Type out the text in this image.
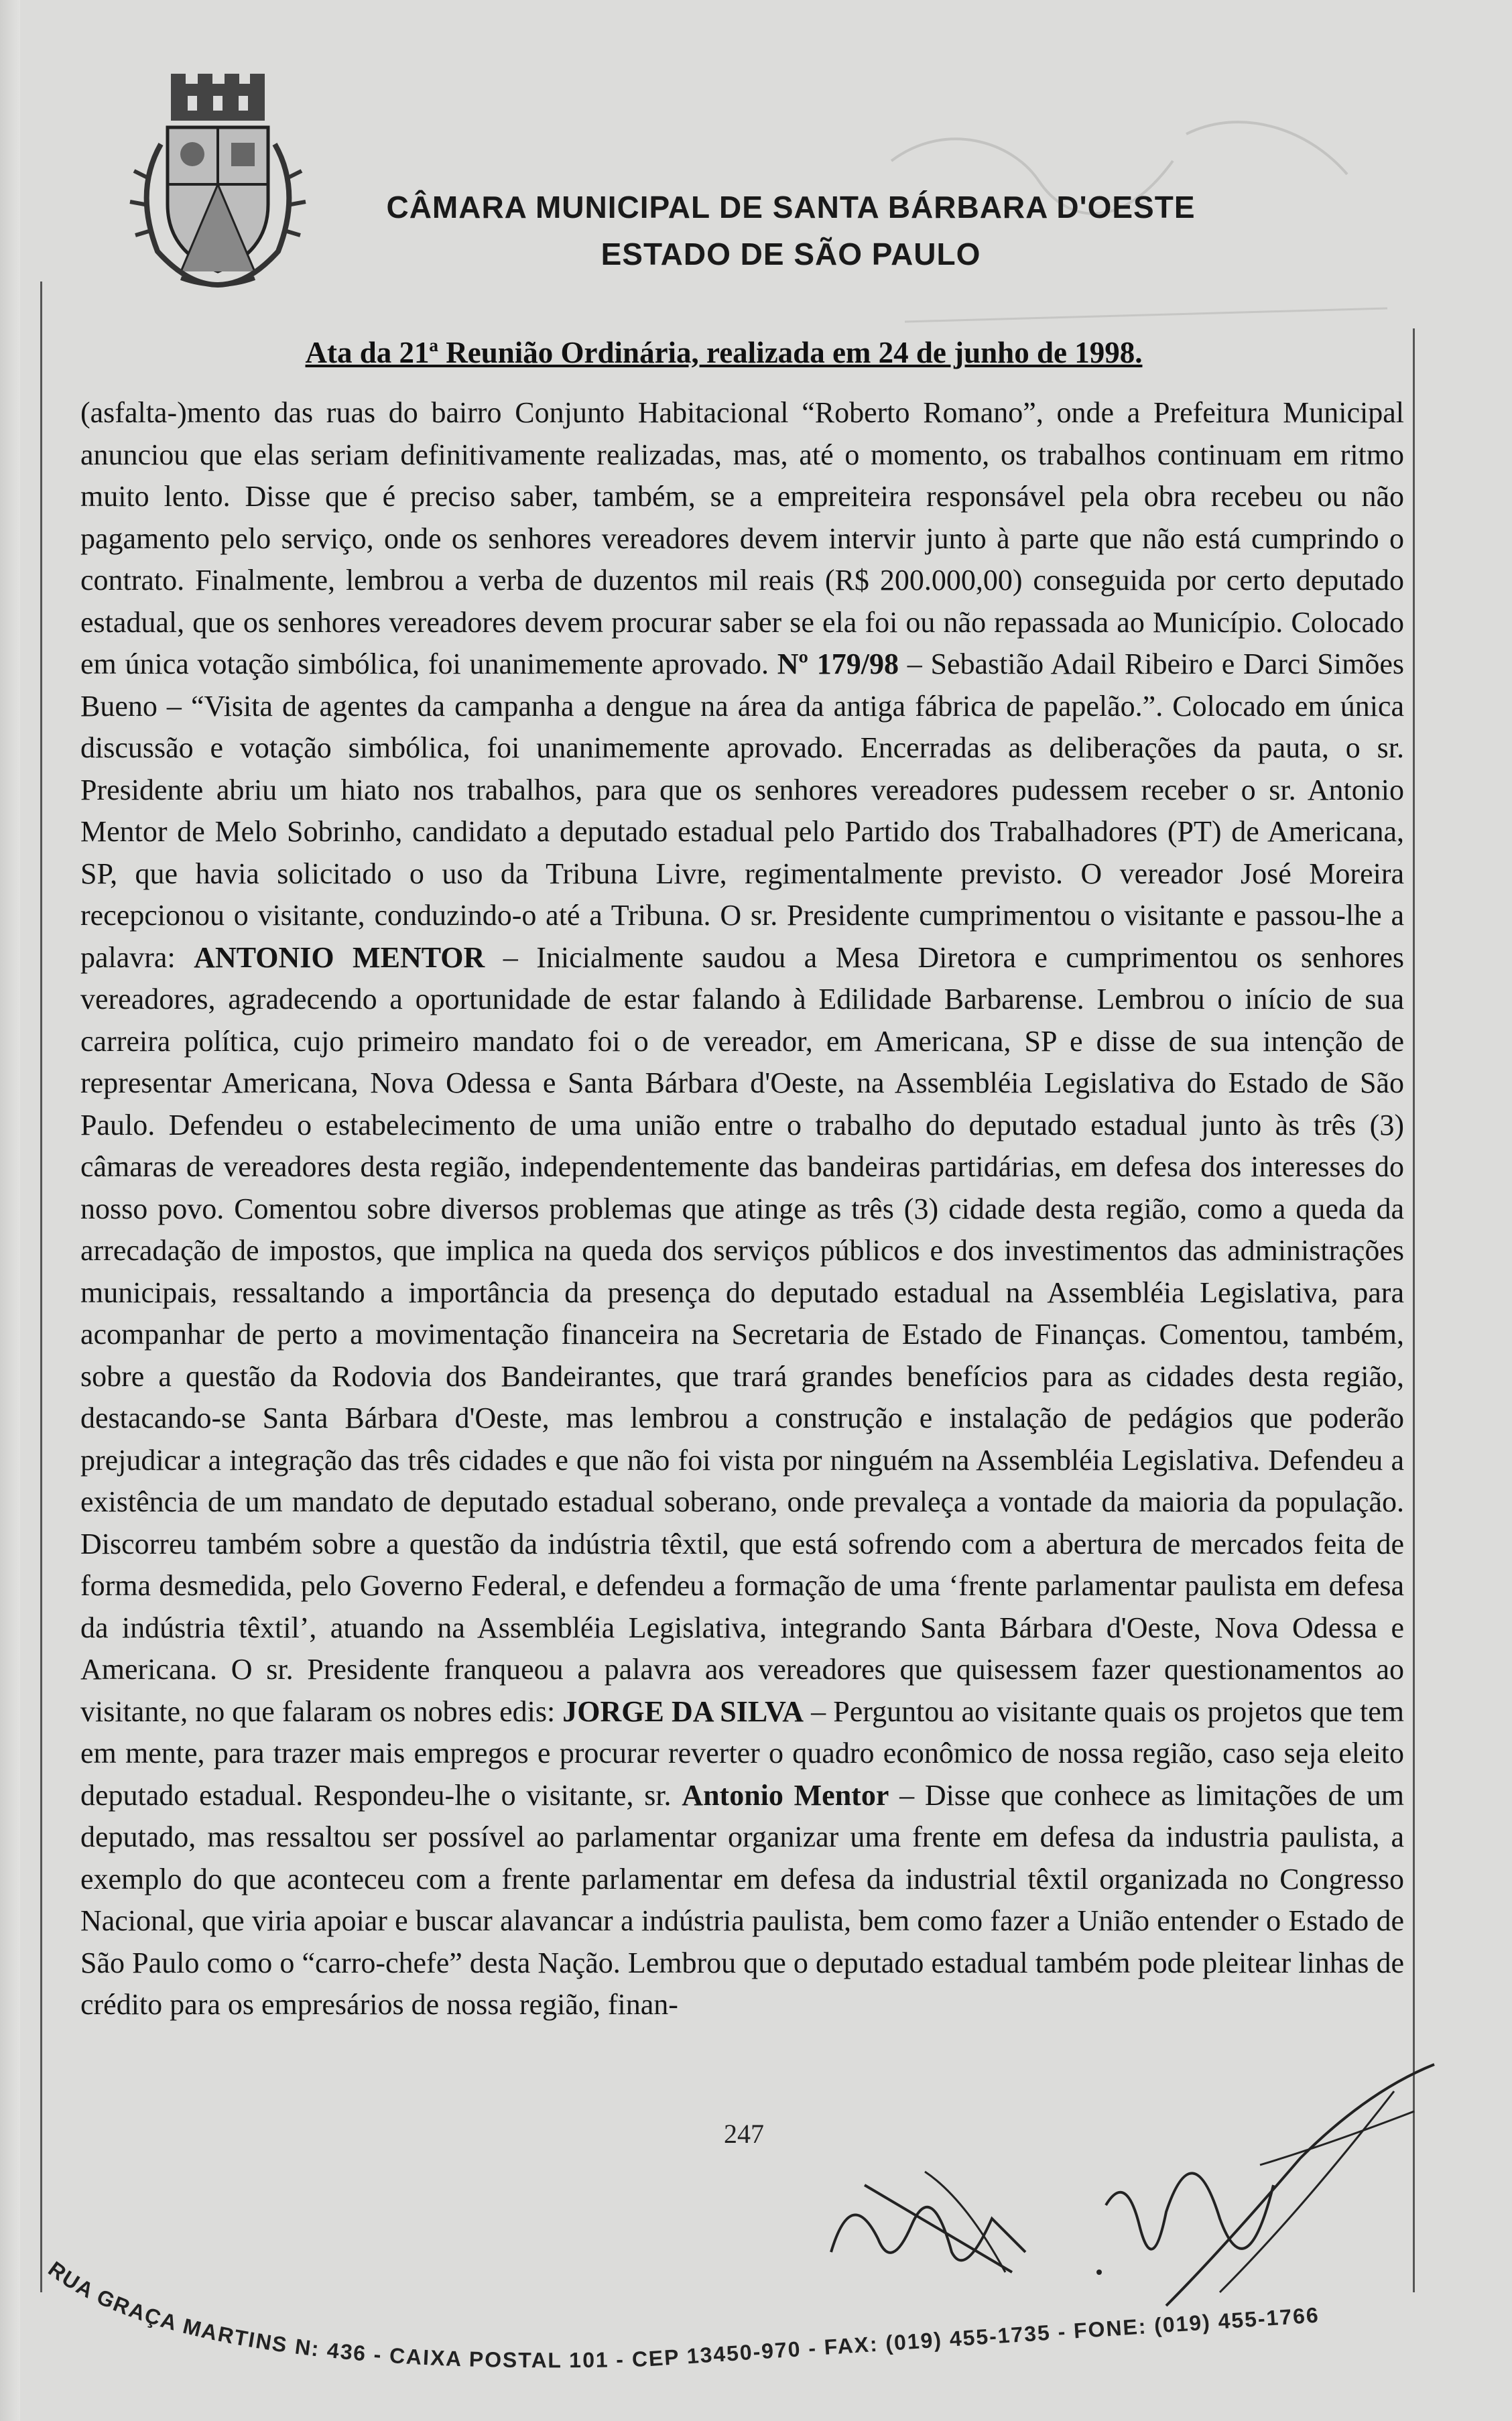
CÂMARA MUNICIPAL DE SANTA BÁRBARA D'OESTE
ESTADO DE SÃO PAULO
Ata da 21ª Reunião Ordinária, realizada em 24 de junho de 1998.

(asfalta-)mento das ruas do bairro Conjunto Habitacional “Roberto Romano”, onde a Prefeitura Municipal anunciou que elas seriam definitivamente realizadas, mas, até o momento, os trabalhos continuam em ritmo muito lento. Disse que é preciso saber, também, se a empreiteira responsável pela obra recebeu ou não pagamento pelo serviço, onde os senhores vereadores devem intervir junto à parte que não está cumprindo o contrato. Finalmente, lembrou a verba de duzentos mil reais (R$ 200.000,00) conseguida por certo deputado estadual, que os senhores vereadores devem procurar saber se ela foi ou não repassada ao Município. Colocado em única votação simbólica, foi unanimemente aprovado. Nº 179/98 – Sebastião Adail Ribeiro e Darci Simões Bueno – “Visita de agentes da campanha a dengue na área da antiga fábrica de papelão.”. Colocado em única discussão e votação simbólica, foi unanimemente aprovado. Encerradas as deliberações da pauta, o sr. Presidente abriu um hiato nos trabalhos, para que os senhores vereadores pudessem receber o sr. Antonio Mentor de Melo Sobrinho, candidato a deputado estadual pelo Partido dos Trabalhadores (PT) de Americana, SP, que havia solicitado o uso da Tribuna Livre, regimentalmente previsto. O vereador José Moreira recepcionou o visitante, conduzindo-o até a Tribuna. O sr. Presidente cumprimentou o visitante e passou-lhe a palavra: ANTONIO MENTOR – Inicialmente saudou a Mesa Diretora e cumprimentou os senhores vereadores, agradecendo a oportunidade de estar falando à Edilidade Barbarense. Lembrou o início de sua carreira política, cujo primeiro mandato foi o de vereador, em Americana, SP e disse de sua intenção de representar Americana, Nova Odessa e Santa Bárbara d'Oeste, na Assembléia Legislativa do Estado de São Paulo. Defendeu o estabelecimento de uma união entre o trabalho do deputado estadual junto às três (3) câmaras de vereadores desta região, independentemente das bandeiras partidárias, em defesa dos interesses do nosso povo. Comentou sobre diversos problemas que atinge as três (3) cidade desta região, como a queda da arrecadação de impostos, que implica na queda dos serviços públicos e dos investimentos das administrações municipais, ressaltando a importância da presença do deputado estadual na Assembléia Legislativa, para acompanhar de perto a movimentação financeira na Secretaria de Estado de Finanças. Comentou, também, sobre a questão da Rodovia dos Bandeirantes, que trará grandes benefícios para as cidades desta região, destacando-se Santa Bárbara d'Oeste, mas lembrou a construção e instalação de pedágios que poderão prejudicar a integração das três cidades e que não foi vista por ninguém na Assembléia Legislativa. Defendeu a existência de um mandato de deputado estadual soberano, onde prevaleça a vontade da maioria da população. Discorreu também sobre a questão da indústria têxtil, que está sofrendo com a abertura de mercados feita de forma desmedida, pelo Governo Federal, e defendeu a formação de uma ‘frente parlamentar paulista em defesa da indústria têxtil’, atuando na Assembléia Legislativa, integrando Santa Bárbara d'Oeste, Nova Odessa e Americana. O sr. Presidente franqueou a palavra aos vereadores que quisessem fazer questionamentos ao visitante, no que falaram os nobres edis: JORGE DA SILVA – Perguntou ao visitante quais os projetos que tem em mente, para trazer mais empregos e procurar reverter o quadro econômico de nossa região, caso seja eleito deputado estadual. Respondeu-lhe o visitante, sr. Antonio Mentor – Disse que conhece as limitações de um deputado, mas ressaltou ser possível ao parlamentar organizar uma frente em defesa da industria paulista, a exemplo do que aconteceu com a frente parlamentar em defesa da industrial têxtil organizada no Congresso Nacional, que viria apoiar e buscar alavancar a indústria paulista, bem como fazer a União entender o Estado de São Paulo como o “carro-chefe” desta Nação. Lembrou que o deputado estadual também pode pleitear linhas de crédito para os empresários de nossa região, finan-

247
UA GRAÇA MARTINS N: 436 - CAIXA POSTAL 101 - CEP 13450-970 - FAX: (019) 455-1735 - FONE: (019) 455-1766
